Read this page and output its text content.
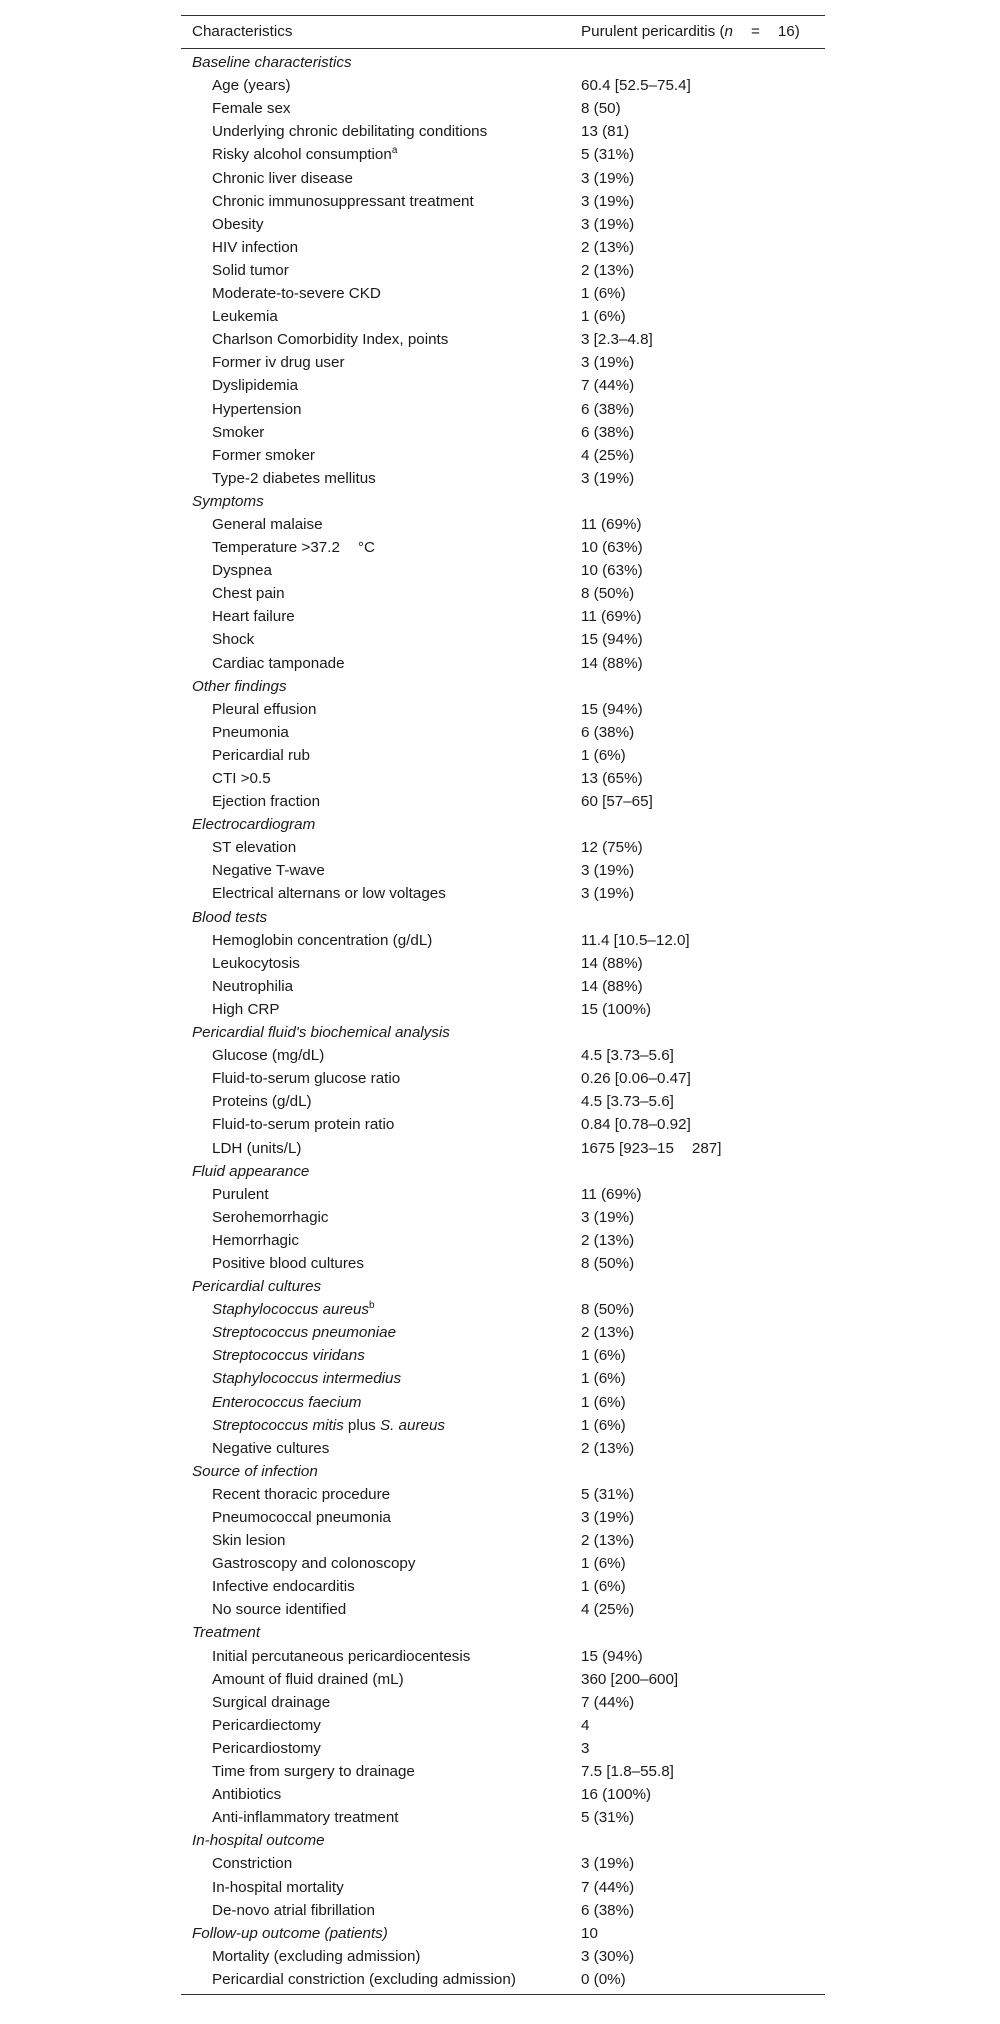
Characteristics	Purulent pericarditis (n = 16)
Baseline characteristics	
Age (years)	60.4 [52.5–75.4]
Female sex	8 (50)
Underlying chronic debilitating conditions	13 (81)
Risky alcohol consumption$^a$	5 (31%)
Chronic liver disease	3 (19%)
Chronic immunosuppressant treatment	3 (19%)
Obesity	3 (19%)
HIV infection	2 (13%)
Solid tumor	2 (13%)
Moderate-to-severe CKD	1 (6%)
Leukemia	1 (6%)
Charlson Comorbidity Index, points	3 [2.3–4.8]
Former iv drug user	3 (19%)
Dyslipidemia	7 (44%)
Hypertension	6 (38%)
Smoker	6 (38%)
Former smoker	4 (25%)
Type-2 diabetes mellitus	3 (19%)
Symptoms	
General malaise	11 (69%)
Temperature >37.2 °C	10 (63%)
Dyspnea	10 (63%)
Chest pain	8 (50%)
Heart failure	11 (69%)
Shock	15 (94%)
Cardiac tamponade	14 (88%)
Other findings	
Pleural effusion	15 (94%)
Pneumonia	6 (38%)
Pericardial rub	1 (6%)
CTI >0.5	13 (65%)
Ejection fraction	60 [57–65]
Electrocardiogram	
ST elevation	12 (75%)
Negative T-wave	3 (19%)
Electrical alternans or low voltages	3 (19%)
Blood tests	
Hemoglobin concentration (g/dL)	11.4 [10.5–12.0]
Leukocytosis	14 (88%)
Neutrophilia	14 (88%)
High CRP	15 (100%)
Pericardial fluid's biochemical analysis	
Glucose (mg/dL)	4.5 [3.73–5.6]
Fluid-to-serum glucose ratio	0.26 [0.06–0.47]
Proteins (g/dL)	4.5 [3.73–5.6]
Fluid-to-serum protein ratio	0.84 [0.78–0.92]
LDH (units/L)	1675 [923–15 287]
Fluid appearance	
Purulent	11 (69%)
Serohemorrhagic	3 (19%)
Hemorrhagic	2 (13%)
Positive blood cultures	8 (50%)
Pericardial cultures	
Staphylococcus aureus$^b$	8 (50%)
Streptococcus pneumoniae	2 (13%)
Streptococcus viridans	1 (6%)
Staphylococcus intermedius	1 (6%)
Enterococcus faecium	1 (6%)
Streptococcus mitis plus S. aureus	1 (6%)
Negative cultures	2 (13%)
Source of infection	
Recent thoracic procedure	5 (31%)
Pneumococcal pneumonia	3 (19%)
Skin lesion	2 (13%)
Gastroscopy and colonoscopy	1 (6%)
Infective endocarditis	1 (6%)
No source identified	4 (25%)
Treatment	
Initial percutaneous pericardiocentesis	15 (94%)
Amount of fluid drained (mL)	360 [200–600]
Surgical drainage	7 (44%)
Pericardiectomy	4
Pericardiostomy	3
Time from surgery to drainage	7.5 [1.8–55.8]
Antibiotics	16 (100%)
Anti-inflammatory treatment	5 (31%)
In-hospital outcome	
Constriction	3 (19%)
In-hospital mortality	7 (44%)
De-novo atrial fibrillation	6 (38%)
Follow-up outcome (patients)	10
Mortality (excluding admission)	3 (30%)
Pericardial constriction (excluding admission)	0 (0%)
